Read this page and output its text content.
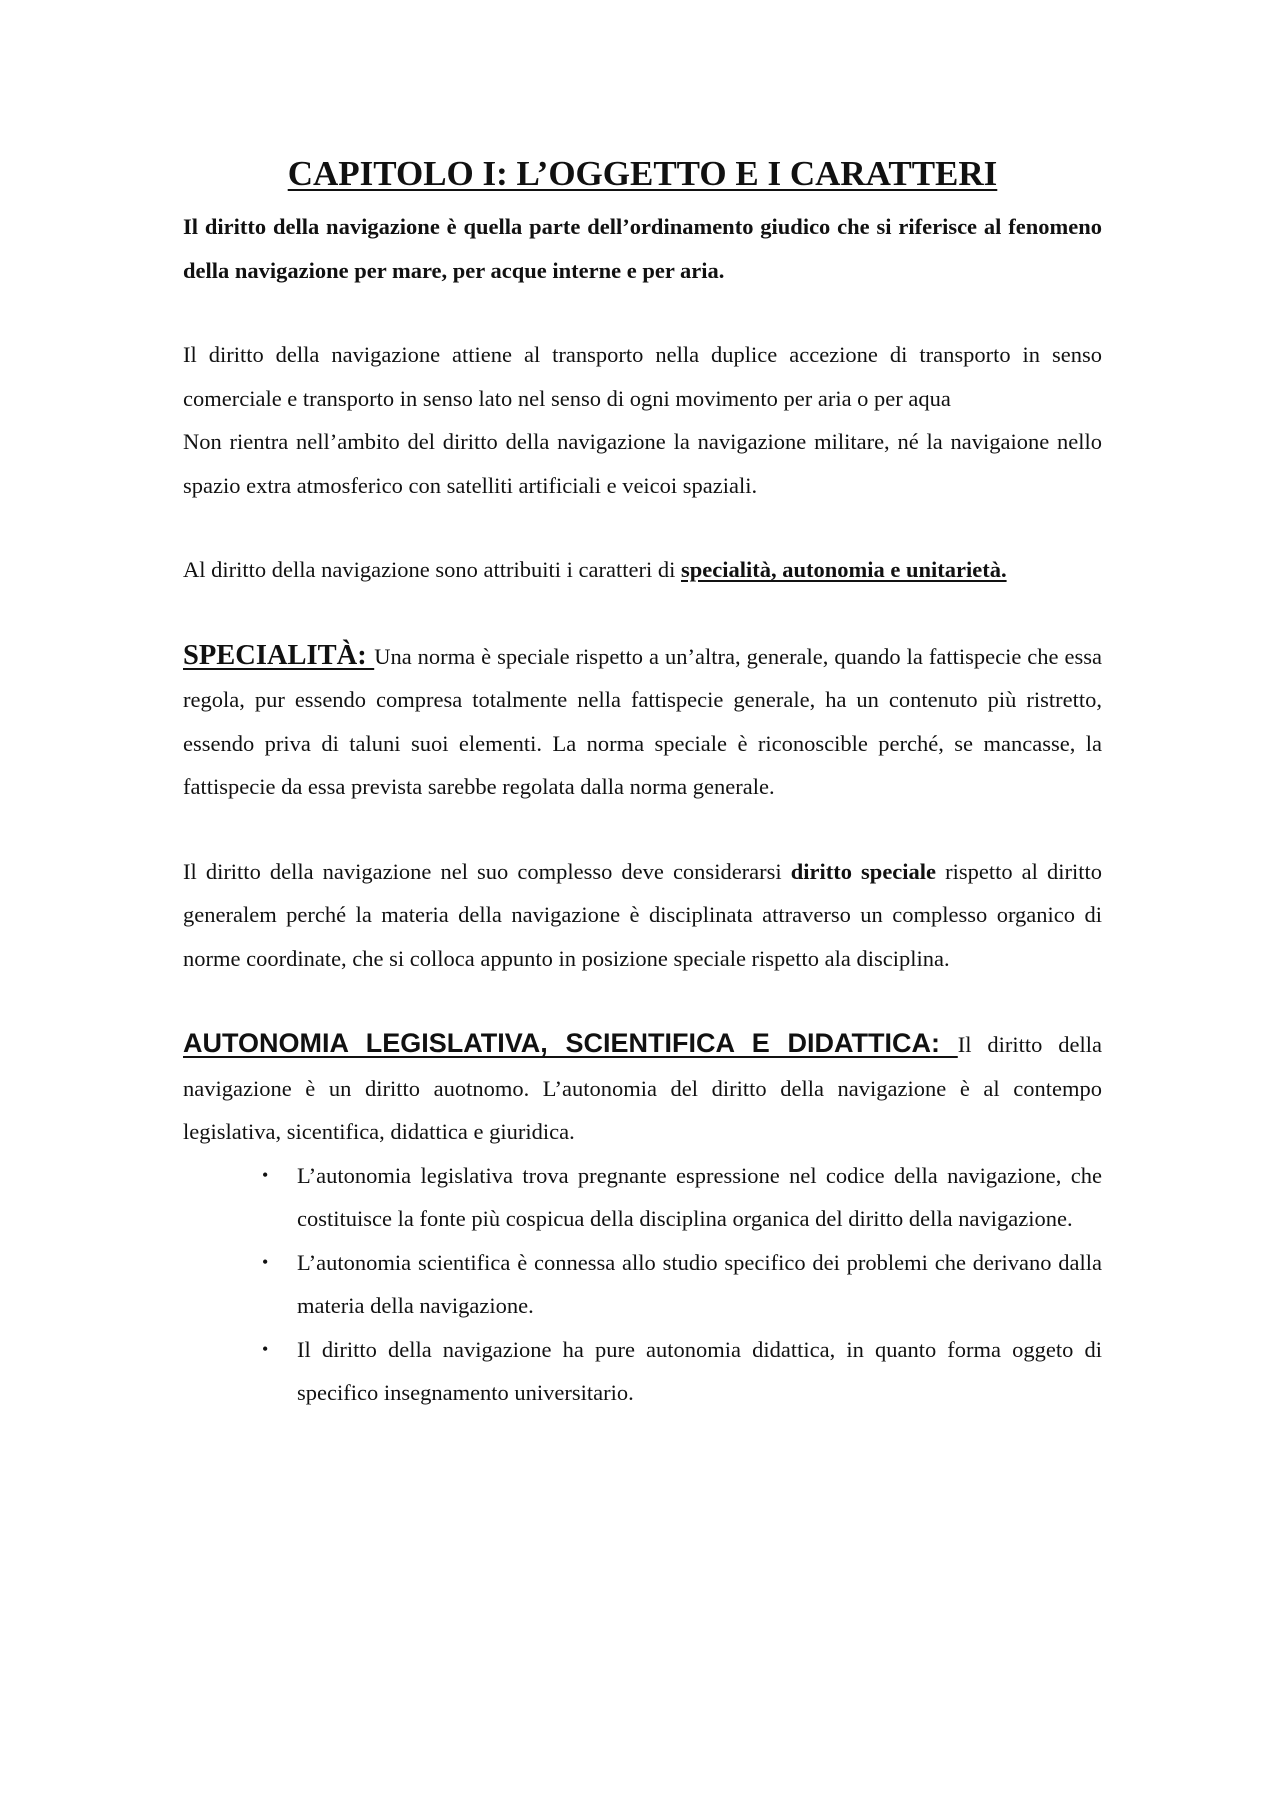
CAPITOLO I: L’OGGETTO E I CARATTERI

Il diritto della navigazione è quella parte dell’ordinamento giudico che si riferisce al fenomeno della navigazione per mare, per acque interne e per aria.

Il diritto della navigazione attiene al transporto nella duplice accezione di transporto in senso comerciale e transporto in senso lato nel senso di ogni movimento per aria o per aqua

Non rientra nell’ambito del diritto della navigazione la navigazione militare, né la navigaione nello spazio extra atmosferico con satelliti artificiali e veicoi spaziali.

Al diritto della navigazione sono attribuiti i caratteri di specialità, autonomia e unitarietà.

SPECIALITÀ: Una norma è speciale rispetto a un’altra, generale, quando la fattispecie che essa regola, pur essendo compresa totalmente nella fattispecie generale, ha un contenuto più ristretto, essendo priva di taluni suoi elementi. La norma speciale è riconoscible perché, se mancasse, la fattispecie da essa prevista sarebbe regolata dalla norma generale.

Il diritto della navigazione nel suo complesso deve considerarsi diritto speciale rispetto al diritto generalem perché la materia della navigazione è disciplinata attraverso un complesso organico di norme coordinate, che si colloca appunto in posizione speciale rispetto ala disciplina.

AUTONOMIA LEGISLATIVA, SCIENTIFICA E DIDATTICA: Il diritto della navigazione è un diritto auotnomo. L’autonomia del diritto della navigazione è al contempo legislativa, sicentifica, didattica e giuridica.

• L’autonomia legislativa trova pregnante espressione nel codice della navigazione, che costituisce la fonte più cospicua della disciplina organica del diritto della navigazione.
• L’autonomia scientifica è connessa allo studio specifico dei problemi che derivano dalla materia della navigazione.
• Il diritto della navigazione ha pure autonomia didattica, in quanto forma oggeto di specifico insegnamento universitario.
